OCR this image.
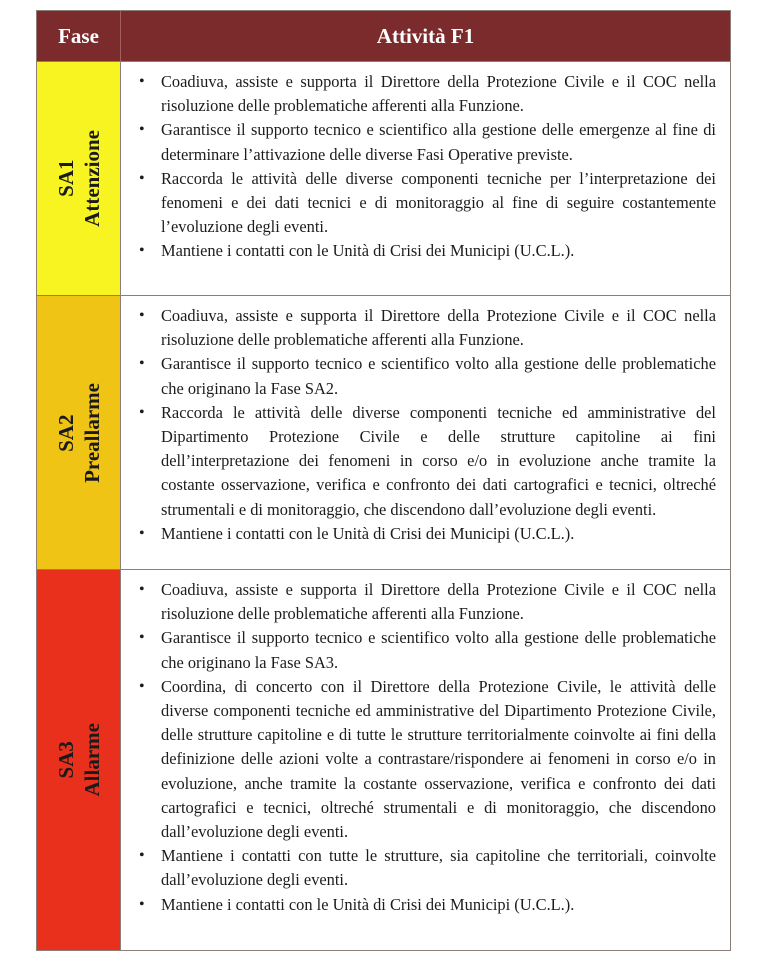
Fase	Attività F1
SA1 Attenzione
• Coadiuva, assiste e supporta il Direttore della Protezione Civile e il COC nella risoluzione delle problematiche afferenti alla Funzione.
• Garantisce il supporto tecnico e scientifico alla gestione delle emergenze al fine di determinare l’attivazione delle diverse Fasi Operative previste.
• Raccorda le attività delle diverse componenti tecniche per l’interpretazione dei fenomeni e dei dati tecnici e di monitoraggio al fine di seguire costantemente l’evoluzione degli eventi.
• Mantiene i contatti con le Unità di Crisi dei Municipi (U.C.L.).
SA2 Preallarme
• Coadiuva, assiste e supporta il Direttore della Protezione Civile e il COC nella risoluzione delle problematiche afferenti alla Funzione.
• Garantisce il supporto tecnico e scientifico volto alla gestione delle problematiche che originano la Fase SA2.
• Raccorda le attività delle diverse componenti tecniche ed amministrative del Dipartimento Protezione Civile e delle strutture capitoline ai fini dell’interpretazione dei fenomeni in corso e/o in evoluzione anche tramite la costante osservazione, verifica e confronto dei dati cartografici e tecnici, oltreché strumentali e di monitoraggio, che discendono dall’evoluzione degli eventi.
• Mantiene i contatti con le Unità di Crisi dei Municipi (U.C.L.).
SA3 Allarme
• Coadiuva, assiste e supporta il Direttore della Protezione Civile e il COC nella risoluzione delle problematiche afferenti alla Funzione.
• Garantisce il supporto tecnico e scientifico volto alla gestione delle problematiche che originano la Fase SA3.
• Coordina, di concerto con il Direttore della Protezione Civile, le attività delle diverse componenti tecniche ed amministrative del Dipartimento Protezione Civile, delle strutture capitoline e di tutte le strutture territorialmente coinvolte ai fini della definizione delle azioni volte a contrastare/rispondere ai fenomeni in corso e/o in evoluzione, anche tramite la costante osservazione, verifica e confronto dei dati cartografici e tecnici, oltreché strumentali e di monitoraggio, che discendono dall’evoluzione degli eventi.
• Mantiene i contatti con tutte le strutture, sia capitoline che territoriali, coinvolte dall’evoluzione degli eventi.
• Mantiene i contatti con le Unità di Crisi dei Municipi (U.C.L.).
